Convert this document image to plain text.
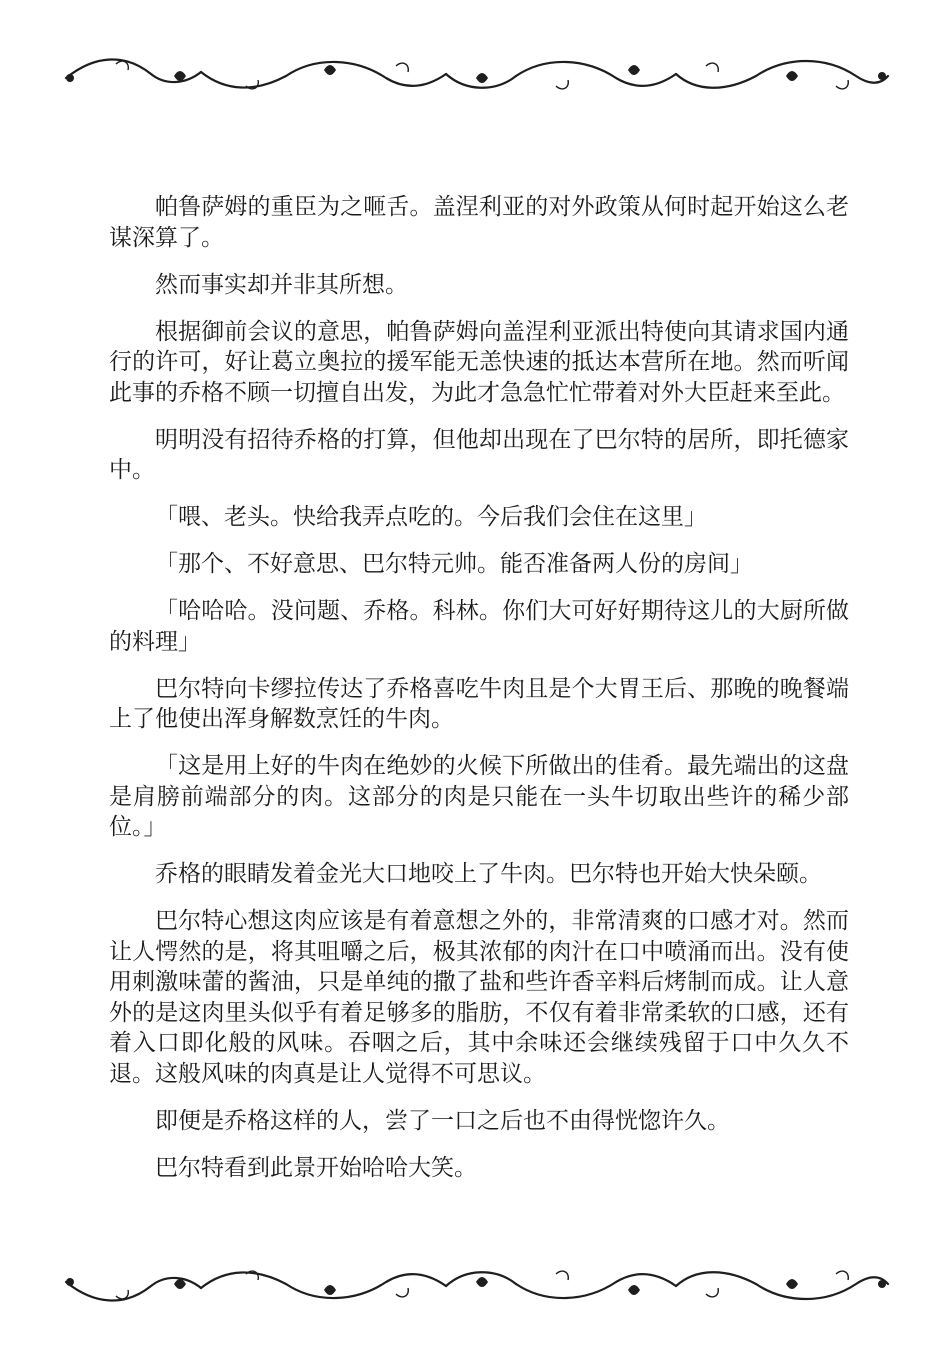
帕鲁萨姆的重臣为之咂舌。盖涅利亚的对外政策从何时起开始这么老谋深算了。

然而事实却并非其所想。

根据御前会议的意思，帕鲁萨姆向盖涅利亚派出特使向其请求国内通行的许可，好让葛立奥拉的援军能无恙快速的抵达本营所在地。然而听闻此事的乔格不顾一切擅自出发，为此才急急忙忙带着对外大臣赶来至此。

明明没有招待乔格的打算，但他却出现在了巴尔特的居所，即托德家中。

「喂、老头。快给我弄点吃的。今后我们会住在这里」

「那个、不好意思、巴尔特元帅。能否准备两人份的房间」

「哈哈哈。没问题、乔格。科林。你们大可好好期待这儿的大厨所做的料理」

巴尔特向卡缪拉传达了乔格喜吃牛肉且是个大胃王后、那晚的晚餐端上了他使出浑身解数烹饪的牛肉。

「这是用上好的牛肉在绝妙的火候下所做出的佳肴。最先端出的这盘是肩膀前端部分的肉。这部分的肉是只能在一头牛切取出些许的稀少部位。」

乔格的眼睛发着金光大口地咬上了牛肉。巴尔特也开始大快朵颐。

巴尔特心想这肉应该是有着意想之外的，非常清爽的口感才对。然而让人愕然的是，将其咀嚼之后，极其浓郁的肉汁在口中喷涌而出。没有使用刺激味蕾的酱油，只是单纯的撒了盐和些许香辛料后烤制而成。让人意外的是这肉里头似乎有着足够多的脂肪，不仅有着非常柔软的口感，还有着入口即化般的风味。吞咽之后，其中余味还会继续残留于口中久久不退。这般风味的肉真是让人觉得不可思议。

即便是乔格这样的人，尝了一口之后也不由得恍惚许久。

巴尔特看到此景开始哈哈大笑。
